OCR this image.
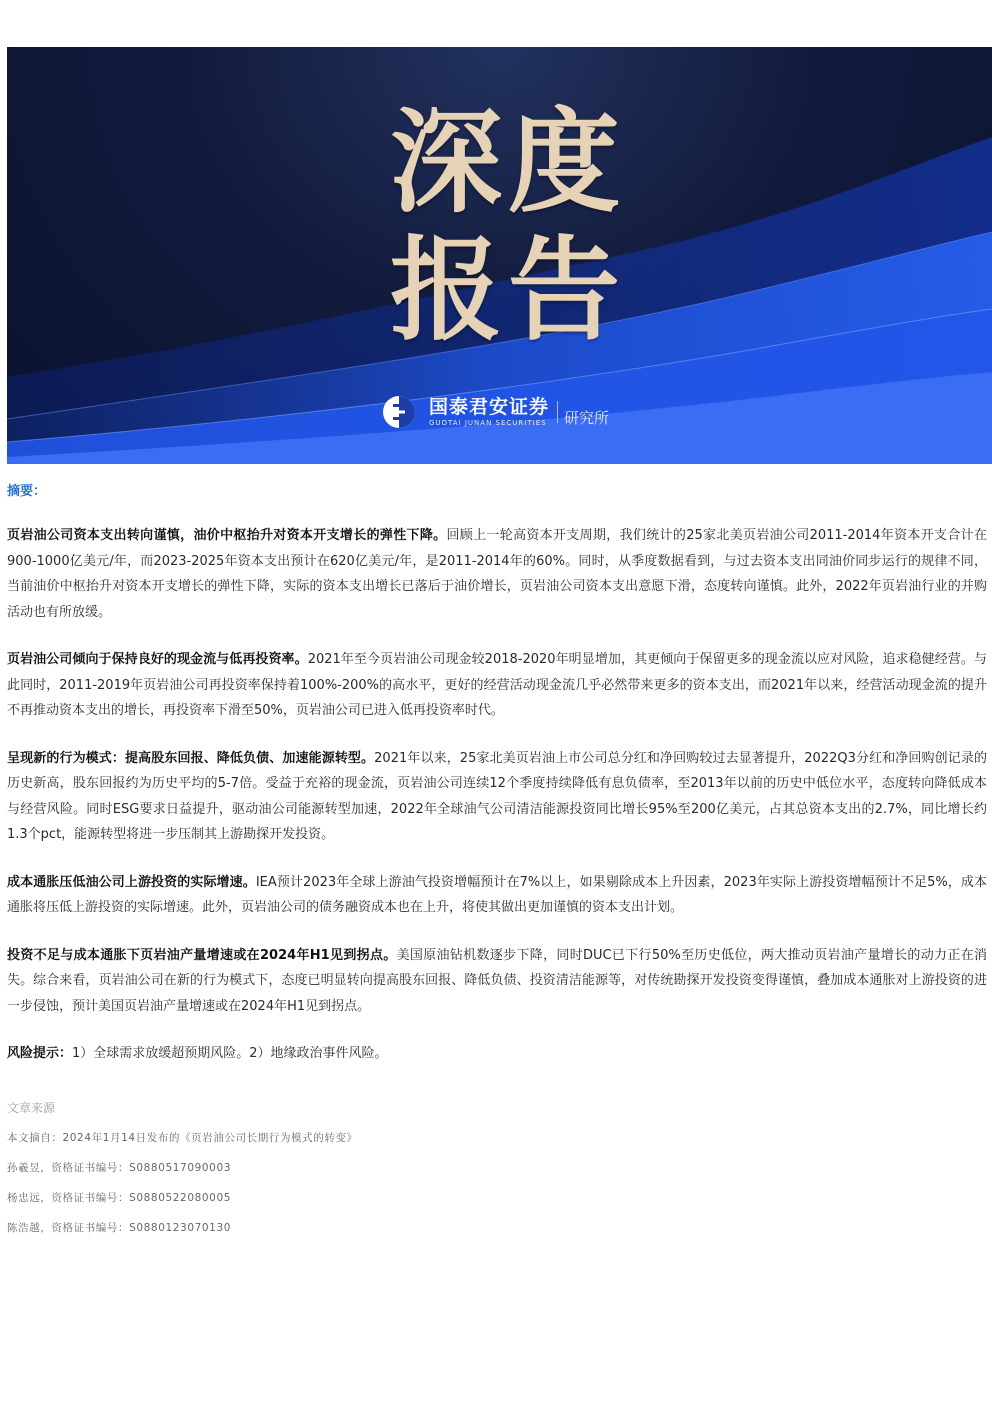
深度
报告
国泰君安证券
GUOTAI JUNAN SECURITIES 研究所
摘要：

页岩油公司资本支出转向谨慎，油价中枢抬升对资本开支增长的弹性下降。回顾上一轮高资本开支周期，我们统计的25家北美页岩油公司2011-2014年资本开支合计在900-1000亿美元/年，而2023-2025年资本支出预计在620亿美元/年，是2011-2014年的60%。同时，从季度数据看到，与过去资本支出同油价同步运行的规律不同，当前油价中枢抬升对资本开支增长的弹性下降，实际的资本支出增长已落后于油价增长，页岩油公司资本支出意愿下滑，态度转向谨慎。此外，2022年页岩油行业的并购活动也有所放缓。

页岩油公司倾向于保持良好的现金流与低再投资率。2021年至今页岩油公司现金较2018-2020年明显增加，其更倾向于保留更多的现金流以应对风险，追求稳健经营。与此同时，2011-2019年页岩油公司再投资率保持着100%-200%的高水平，更好的经营活动现金流几乎必然带来更多的资本支出，而2021年以来，经营活动现金流的提升不再推动资本支出的增长，再投资率下滑至50%，页岩油公司已进入低再投资率时代。

呈现新的行为模式：提高股东回报、降低负债、加速能源转型。2021年以来，25家北美页岩油上市公司总分红和净回购较过去显著提升，2022Q3分红和净回购创记录的历史新高，股东回报约为历史平均的5-7倍。受益于充裕的现金流，页岩油公司连续12个季度持续降低有息负债率，至2013年以前的历史中低位水平，态度转向降低成本与经营风险。同时ESG要求日益提升，驱动油公司能源转型加速，2022年全球油气公司清洁能源投资同比增长95%至200亿美元，占其总资本支出的2.7%，同比增长约1.3个pct，能源转型将进一步压制其上游勘探开发投资。

成本通胀压低油公司上游投资的实际增速。IEA预计2023年全球上游油气投资增幅预计在7%以上，如果剔除成本上升因素，2023年实际上游投资增幅预计不足5%，成本通胀将压低上游投资的实际增速。此外，页岩油公司的债务融资成本也在上升，将使其做出更加谨慎的资本支出计划。

投资不足与成本通胀下页岩油产量增速或在2024年H1见到拐点。美国原油钻机数逐步下降，同时DUC已下行50%至历史低位，两大推动页岩油产量增长的动力正在消失。综合来看，页岩油公司在新的行为模式下，态度已明显转向提高股东回报、降低负债、投资清洁能源等，对传统勘探开发投资变得谨慎，叠加成本通胀对上游投资的进一步侵蚀，预计美国页岩油产量增速或在2024年H1见到拐点。

风险提示：1）全球需求放缓超预期风险。2）地缘政治事件风险。

文章来源
本文摘自：2024年1月14日发布的《页岩油公司长期行为模式的转变》
孙羲昱，资格证书编号：S0880517090003
杨忠远，资格证书编号：S0880522080005
陈浩越，资格证书编号：S0880123070130
